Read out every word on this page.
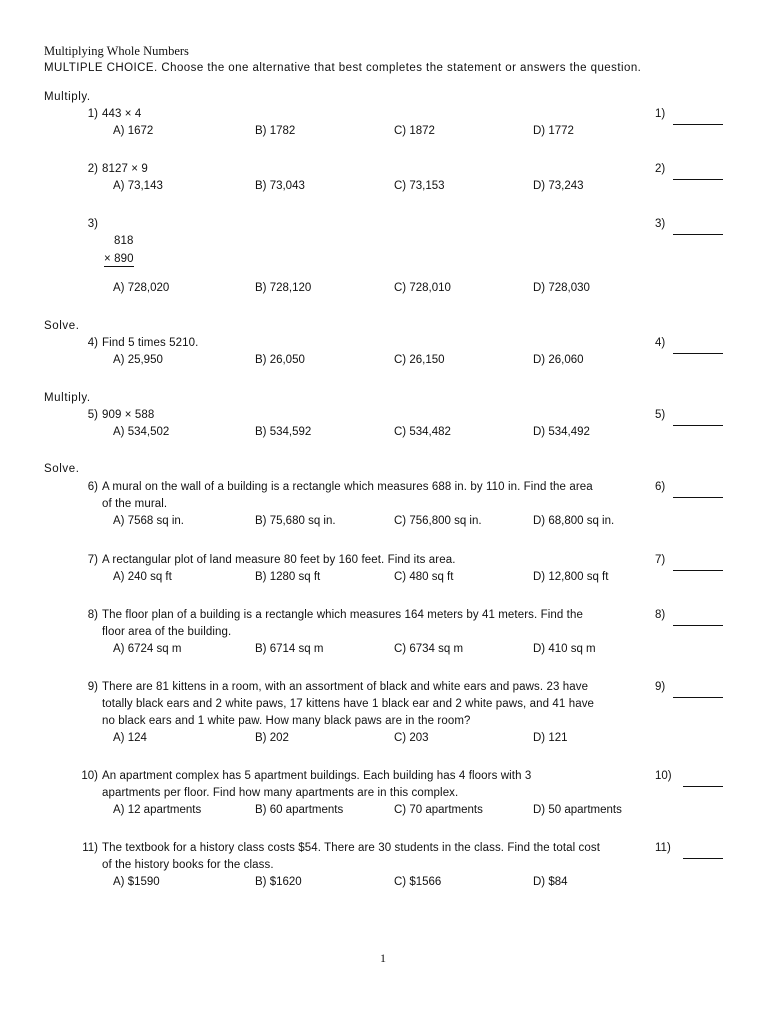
Multiplying Whole Numbers
MULTIPLE CHOICE. Choose the one alternative that best completes the statement or answers the question.
Multiply.
Solve.
Multiply.
Solve.
1) 443 × 4
A) 1672	B) 1782	C) 1872	D) 1772
1)
2) 8127 × 9
A) 73,143	B) 73,043	C) 73,153	D) 73,243
2)
3)
818
× 890
A) 728,020	B) 728,120	C) 728,010	D) 728,030
3)
4) Find 5 times 5210.
A) 25,950	B) 26,050	C) 26,150	D) 26,060
4)
5) 909 × 588
A) 534,502	B) 534,592	C) 534,482	D) 534,492
5)
6) A mural on the wall of a building is a rectangle which measures 688 in. by 110 in. Find the area
of the mural.
A) 7568 sq in.	B) 75,680 sq in.	C) 756,800 sq in.	D) 68,800 sq in.
6)
7) A rectangular plot of land measure 80 feet by 160 feet. Find its area.
A) 240 sq ft	B) 1280 sq ft	C) 480 sq ft	D) 12,800 sq ft
7)
8) The floor plan of a building is a rectangle which measures 164 meters by 41 meters. Find the
floor area of the building.
A) 6724 sq m	B) 6714 sq m	C) 6734 sq m	D) 410 sq m
8)
9) There are 81 kittens in a room, with an assortment of black and white ears and paws. 23 have
totally black ears and 2 white paws, 17 kittens have 1 black ear and 2 white paws, and 41 have
no black ears and 1 white paw. How many black paws are in the room?
A) 124	B) 202	C) 203	D) 121
9)
10) An apartment complex has 5 apartment buildings. Each building has 4 floors with 3
apartments per floor. Find how many apartments are in this complex.
A) 12 apartments	B) 60 apartments	C) 70 apartments	D) 50 apartments
10)
11) The textbook for a history class costs $54. There are 30 students in the class. Find the total cost
of the history books for the class.
A) $1590	B) $1620	C) $1566	D) $84
11)
1
